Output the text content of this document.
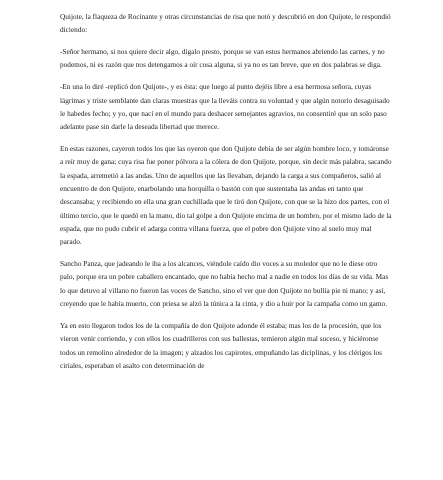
Quijote, la flaqueza de Rocinante y otras circunstancias de risa que notó y descubrió en don Quijote, le respondió diciendo:

-Señor hermano, si nos quiere decir algo, dígalo presto, porque se van estos hermanos abriendo las carnes, y no podemos, ni es razón que nos detengamos a oír cosa alguna, si ya no es tan breve, que en dos palabras se diga.

-En una lo diré -replicó don Quijote-, y es ésta: que luego al punto dejéis libre a esa hermosa señora, cuyas lágrimas y triste semblante dan claras muestras que la lleváis contra su voluntad y que algún notorio desaguisado le habedes fecho; y yo, que nací en el mundo para deshacer semejantes agravios, no consentiré que un solo paso adelante pase sin darle la deseada libertad que merece.

En estas razones, cayeron todos los que las oyeron que don Quijote debía de ser algún hombre loco, y tomáronse a reír muy de gana; cuya risa fue poner pólvora a la cólera de don Quijote, porque, sin decir más palabra, sacando la espada, arremetió a las andas. Uno de aquellos que las llevaban, dejando la carga a sus compañeros, salió al encuentro de don Quijote, enarbolando una horquilla o bastón con que sustentaba las andas en tanto que descansaba; y recibiendo en ella una gran cuchillada que le tiró don Quijote, con que se la hizo dos partes, con el último tercio, que le quedó en la mano, dio tal golpe a don Quijote encima de un hombro, por el mismo lado de la espada, que no pudo cubrir el adarga contra villana fuerza, que el pobre don Quijote vino al suelo muy mal parado.

Sancho Panza, que jadeando le iba a los alcances, viéndole caído dio voces a su moledor que no le diese otro palo, porque era un pobre caballero encantado, que no había hecho mal a nadie en todos los días de su vida. Mas lo que detuvo al villano no fueron las voces de Sancho, sino el ver que don Quijote no bullía pie ni mano; y así, creyendo que le había muerto, con priesa se alzó la túnica a la cinta, y dio a huir por la campaña como un gamo.

Ya en esto llegaron todos los de la compañía de don Quijote adonde él estaba; mas los de la procesión, que los vieron venir corriendo, y con ellos los cuadrilleros con sus ballestas, temieron algún mal suceso, y hiciéronse todos un remolino alrededor de la imagen; y alzados los capirotes, empuñando las diciplinas, y los clérigos los ciriales, esperaban el asalto con determinación de
